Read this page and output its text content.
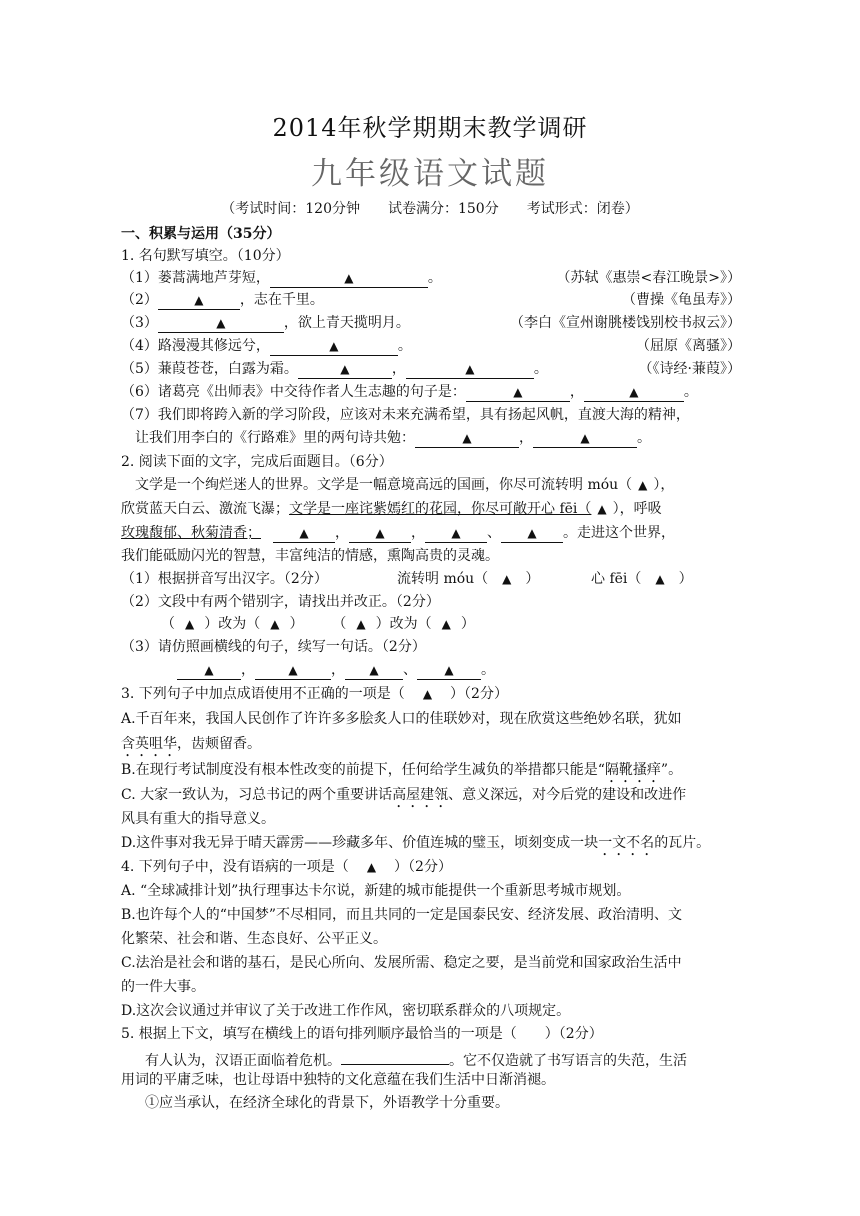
2014年秋学期期末教学调研
九年级语文试题
（考试时间：120分钟　　试卷满分：150分　　考试形式：闭卷）
一、积累与运用（35分）
1. 名句默写填空。（10分）
（1）蒌蒿满地芦芽短，	▲	。	（苏轼《惠崇<春江晚景>》）
（2）	▲	，志在千里。	（曹操《龟虽寿》）
（3）	▲	，欲上青天揽明月。	（李白《宣州谢朓楼饯别校书叔云》）
（4）路漫漫其修远兮，	▲	。	（屈原《离骚》）
（5）蒹葭苍苍，白露为霜。	▲	，	▲	。	（《诗经·蒹葭》）
（6）诸葛亮《出师表》中交待作者人生志趣的句子是：	▲	，	▲	。
（7）我们即将跨入新的学习阶段，应该对未来充满希望，具有扬起风帆，直渡大海的精神，
让我们用李白的《行路难》里的两句诗共勉：	▲	，	▲	。
2. 阅读下面的文字，完成后面题目。（6分）
文学是一个绚烂迷人的世界。文学是一幅意境高远的国画，你尽可流转明 móu（ ▲ ），
欣赏蓝天白云、激流飞瀑；文学是一座诧紫嫣红的花园，你尽可敞开心 fēi（ ▲ ），呼吸
玫瑰馥郁、秋菊清香；	▲ ， ▲ ， ▲ 、 ▲ 。走进这个世界，
我们能砥励闪光的智慧，丰富纯洁的情感，熏陶高贵的灵魂。
（1）根据拼音写出汉字。（2分）	流转明 móu（ ▲ ）	心 fēi（ ▲ ）
（2）文段中有两个错别字，请找出并改正。（2分）
（ ▲ ）改为（ ▲ ） （ ▲ ）改为（ ▲ ）
（3）请仿照画横线的句子，续写一句话。（2分）
▲ ，	▲ ， ▲ 、 ▲ 。
3. 下列句子中加点成语使用不正确的一项是（ ▲ ）（2分）
A.千百年来，我国人民创作了许许多多脍炙人口的佳联妙对，现在欣赏这些绝妙名联，犹如
含英咀华，齿颊留香。
B.在现行考试制度没有根本性改变的前提下，任何给学生减负的举措都只能是“隔靴搔痒”。
C. 大家一致认为，习总书记的两个重要讲话高屋建瓴、意义深远，对今后党的建设和改进作
风具有重大的指导意义。
D.这件事对我无异于晴天霹雳——珍藏多年、价值连城的璧玉，顷刻变成一块一文不名的瓦片。
4. 下列句子中，没有语病的一项是（ ▲ ）（2分）
A. “全球减排计划”执行理事达卡尔说，新建的城市能提供一个重新思考城市规划。
B.也许每个人的“中国梦”不尽相同，而且共同的一定是国泰民安、经济发展、政治清明、文
化繁荣、社会和谐、生态良好、公平正义。
C.法治是社会和谐的基石，是民心所向、发展所需、稳定之要，是当前党和国家政治生活中
的一件大事。
D.这次会议通过并审议了关于改进工作作风，密切联系群众的八项规定。
5. 根据上下文，填写在横线上的语句排列顺序最恰当的一项是（　　）（2分）
有人认为，汉语正面临着危机。	。它不仅造就了书写语言的失范，生活
用词的平庸乏味，也让母语中独特的文化意蕴在我们生活中日渐消褪。
①应当承认，在经济全球化的背景下，外语教学十分重要。
